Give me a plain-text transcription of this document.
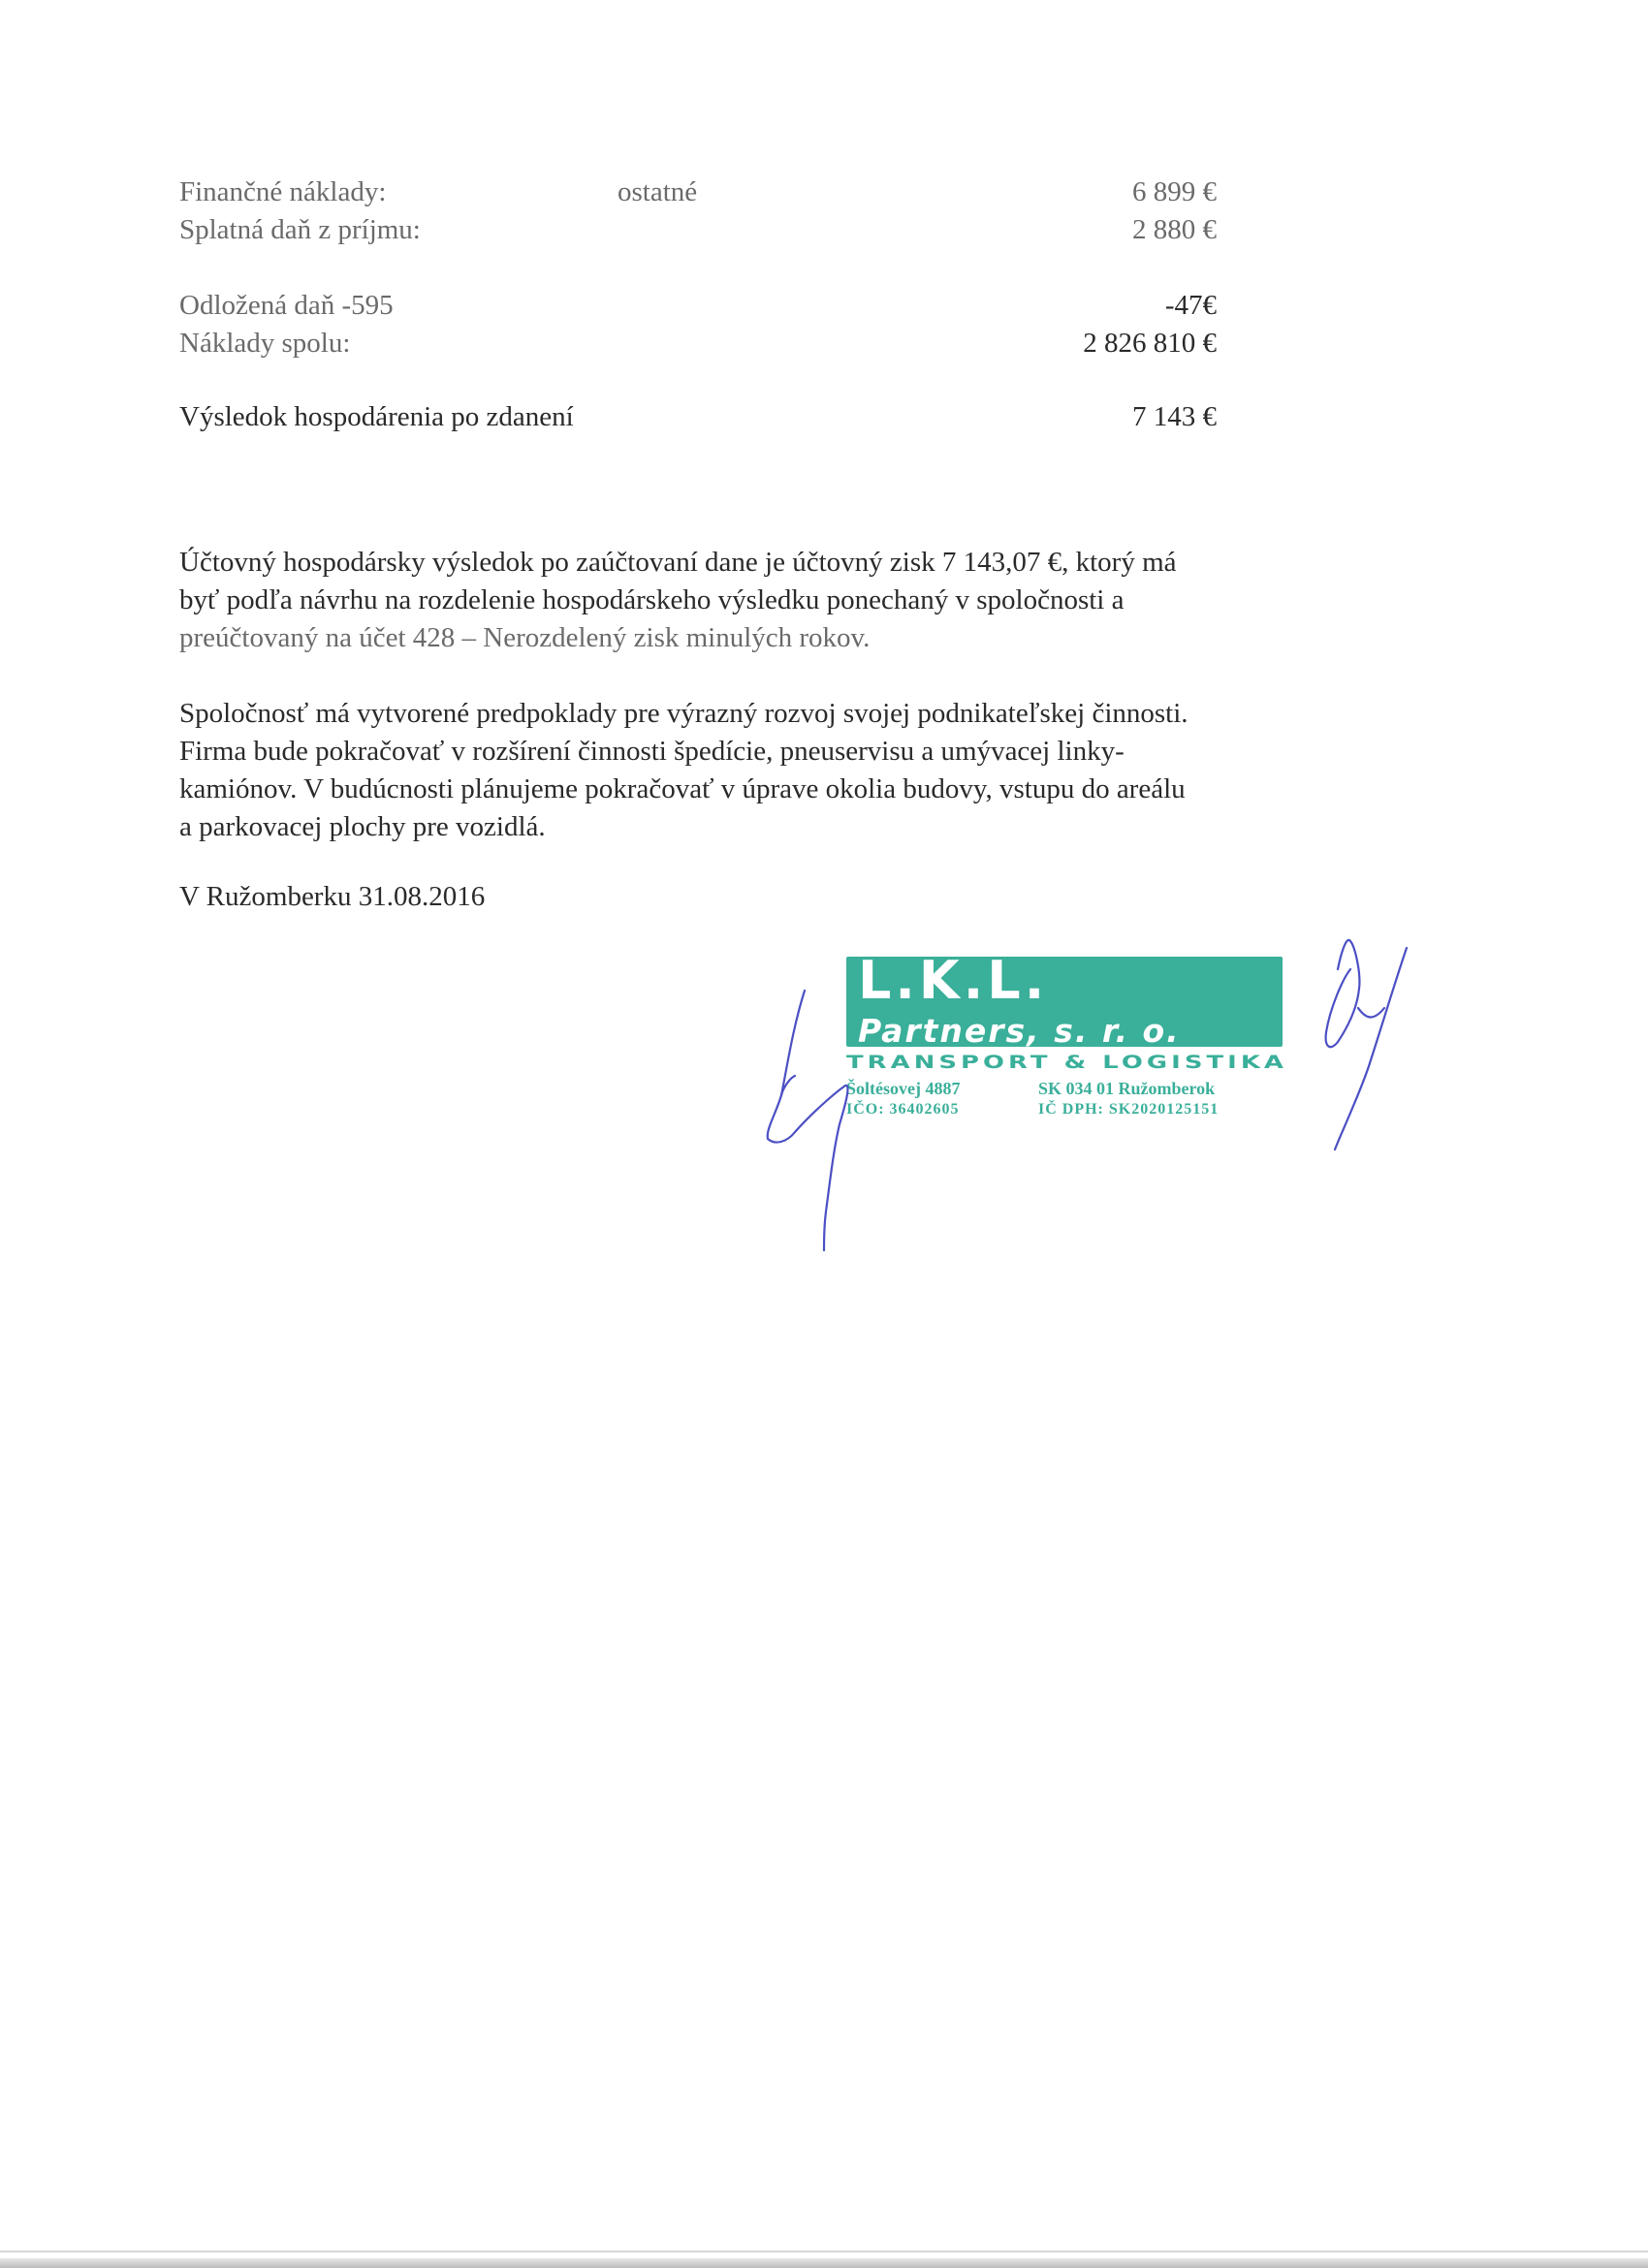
Finančné náklady:	ostatné	6 899 €
Splatná daň z príjmu:	2 880 €
Odložená daň -595	-47€
Náklady spolu:	2 826 810 €
Výsledok hospodárenia po zdanení	7 143 €

Účtovný hospodársky výsledok po zaúčtovaní dane je účtovný zisk 7 143,07 €, ktorý má
byť podľa návrhu na rozdelenie hospodárskeho výsledku ponechaný v spoločnosti a
preúčtovaný na účet 428 – Nerozdelený zisk minulých rokov.

Spoločnosť má vytvorené predpoklady pre výrazný rozvoj svojej podnikateľskej činnosti.
Firma bude pokračovať v rozšírení činnosti špedície, pneuservisu a umývacej linky-
kamiónov. V budúcnosti plánujeme pokračovať v úprave okolia budovy, vstupu do areálu
a parkovacej plochy pre vozidlá.

V Ružomberku 31.08.2016

L.K.L.
Partners, s. r. o.
TRANSPORT & LOGISTIKA
Šoltésovej 4887	SK 034 01 Ružomberok
IČO: 36402605	IČ DPH: SK2020125151
